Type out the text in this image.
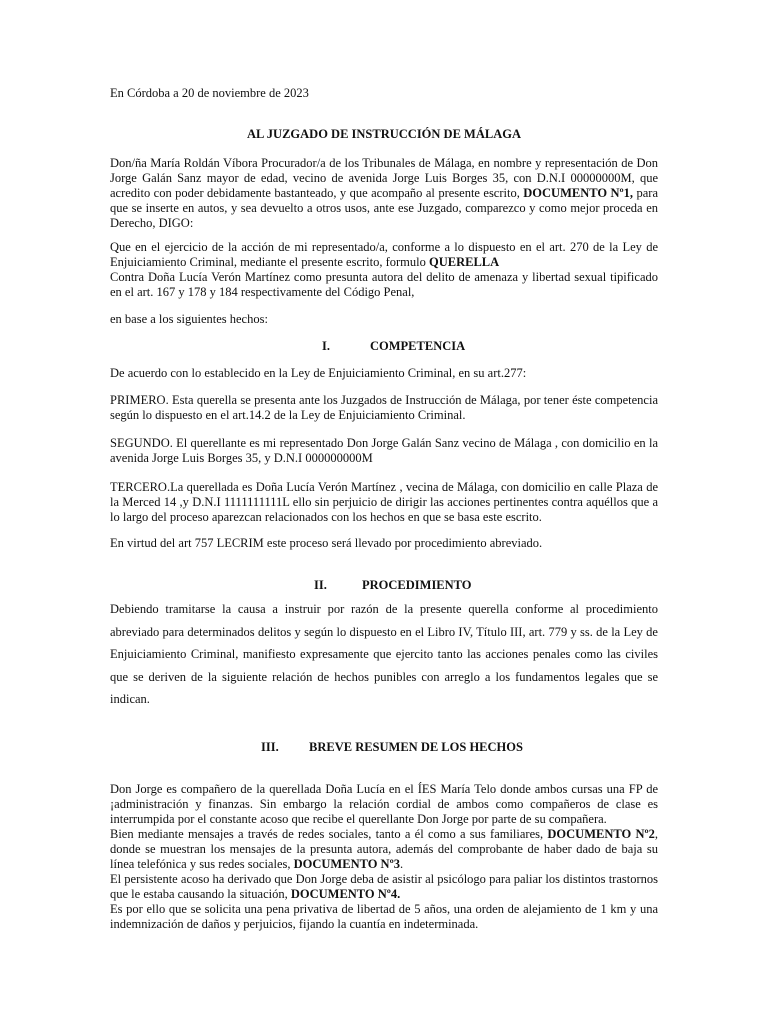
En Córdoba a 20 de noviembre de 2023

AL JUZGADO DE INSTRUCCIÓN DE MÁLAGA

Don/ña María Roldán Víbora Procurador/a de los Tribunales de Málaga, en nombre y representación de Don Jorge Galán Sanz mayor de edad, vecino de avenida Jorge Luis Borges 35, con D.N.I 00000000M, que acredito con poder debidamente bastanteado, y que acompaño al presente escrito, DOCUMENTO Nº1, para que se inserte en autos, y sea devuelto a otros usos, ante ese Juzgado, comparezco y como mejor proceda en Derecho, DIGO:

Que en el ejercicio de la acción de mi representado/a, conforme a lo dispuesto en el art. 270 de la Ley de Enjuiciamiento Criminal, mediante el presente escrito, formulo QUERELLA
Contra Doña Lucía Verón Martínez como presunta autora del delito de amenaza y libertad sexual tipificado en el art. 167 y 178 y 184 respectivamente del Código Penal,

en base a los siguientes hechos:

I.	COMPETENCIA

De acuerdo con lo establecido en la Ley de Enjuiciamiento Criminal, en su art.277:

PRIMERO. Esta querella se presenta ante los Juzgados de Instrucción de Málaga, por tener éste competencia según lo dispuesto en el art.14.2 de la Ley de Enjuiciamiento Criminal.

SEGUNDO. El querellante es mi representado Don Jorge Galán Sanz vecino de Málaga , con domicilio en la avenida Jorge Luis Borges 35, y D.N.I 000000000M

TERCERO.La querellada es Doña Lucía Verón Martínez , vecina de Málaga, con domicilio en calle Plaza de la Merced 14 ,y D.N.I 1111111111L ello sin perjuicio de dirigir las acciones pertinentes contra aquéllos que a lo largo del proceso aparezcan relacionados con los hechos en que se basa este escrito.

En virtud del art 757 LECRIM este proceso será llevado por procedimiento abreviado.

II.	PROCEDIMIENTO

Debiendo tramitarse la causa a instruir por razón de la presente querella conforme al procedimiento abreviado para determinados delitos y según lo dispuesto en el Libro IV, Título III, art. 779 y ss. de la Ley de Enjuiciamiento Criminal, manifiesto expresamente que ejercito tanto las acciones penales como las civiles que se deriven de la siguiente relación de hechos punibles con arreglo a los fundamentos legales que se indican.

III. BREVE RESUMEN DE LOS HECHOS

Don Jorge es compañero de la querellada Doña Lucía en el ÍES María Telo donde ambos cursas una FP de ¡administración y finanzas. Sin embargo la relación cordial de ambos como compañeros de clase es interrumpida por el constante acoso que recibe el querellante Don Jorge por parte de su compañera.
Bien mediante mensajes a través de redes sociales, tanto a él como a sus familiares, DOCUMENTO Nº2, donde se muestran los mensajes de la presunta autora, además del comprobante de haber dado de baja su línea telefónica y sus redes sociales, DOCUMENTO Nº3.
El persistente acoso ha derivado que Don Jorge deba de asistir al psicólogo para paliar los distintos trastornos que le estaba causando la situación, DOCUMENTO Nº4.
Es por ello que se solicita una pena privativa de libertad de 5 años, una orden de alejamiento de 1 km y una indemnización de daños y perjuicios, fijando la cuantía en indeterminada.
